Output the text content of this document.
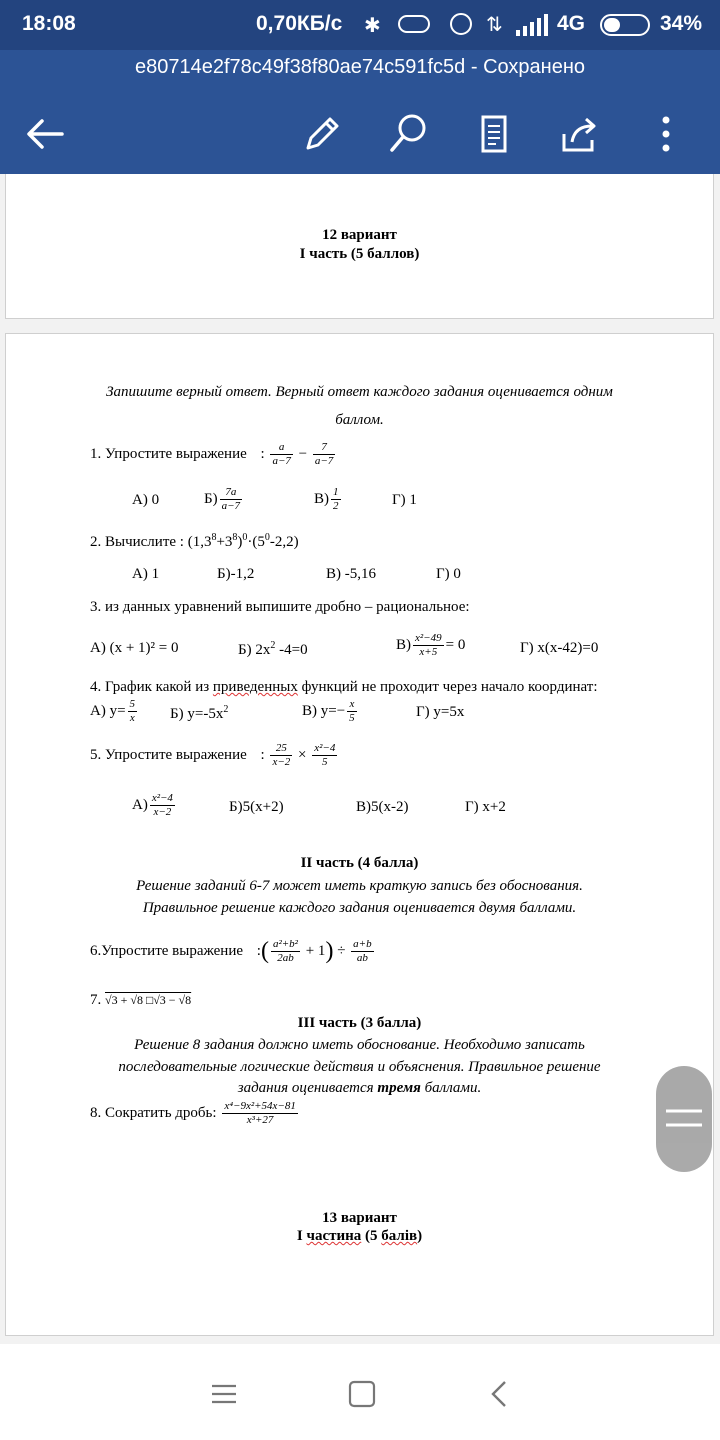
18:08	0,70КБ/с ✱	⇅	4G	34%
e80714e2f78c49f38f80ae74c591fc5d - Сохранено
12 вариант
I часть (5 баллов)
Запишите верный ответ. Верный ответ каждого задания оценивается одним
баллом.
1. Упростите выражение : $\frac{a}{a-7} - \frac{7}{a-7}$
А) 0	$Б) \frac{7a}{a-7}$	$В) \frac{1}{2}$	Г) 1
2. Вычислите : $(1,3^8+3^8)^0\cdot(5^0-2,2)$
А) 1	Б)-1,2	В) -5,16	Г) 0
3. из данных уравнений выпишите дробно – рациональное:
А) (x + 1)² = 0	Б) $2x^2$ -4=0	$В) \frac{\text{x²−49}}{x+5} = 0$	Г) x(x-42)=0
4. График какой из приведенных функций не проходит через начало координат:
А) $у= \frac{5}{x} Б$) $у=-5x^2$	В) $у=- \frac{x}{5}$	Г) у=5x
5. Упростите выражение : $\frac{25}{x-2} \times \frac{\text{x²−4}}{5}$
$А) \frac{\text{x²−4}}{x-2}$	Б)5(x+2)	В)5(x-2)	Г) x+2
II часть (4 балла)
Решение заданий 6-7 может иметь краткую запись без обоснования.
Правильное решение каждого задания оценивается двумя баллами.
6.Упростите выражение :( $\frac{\text{a²+b²}}{2ab} + 1) \div \frac{a+b}{ab}$
7. √3 + √8 □√3 − √8
III часть (3 балла)
Решение 8 задания должно иметь обоснование. Необходимо записать
последовательные логические действия и объяснения. Правильное решение
задания оценивается тремя баллами.
8. Сократить дробь: $\frac{\text{x⁴−9x²+54x−81}}{\text{x³+27}}$
13 вариант
I частина (5 балів)
